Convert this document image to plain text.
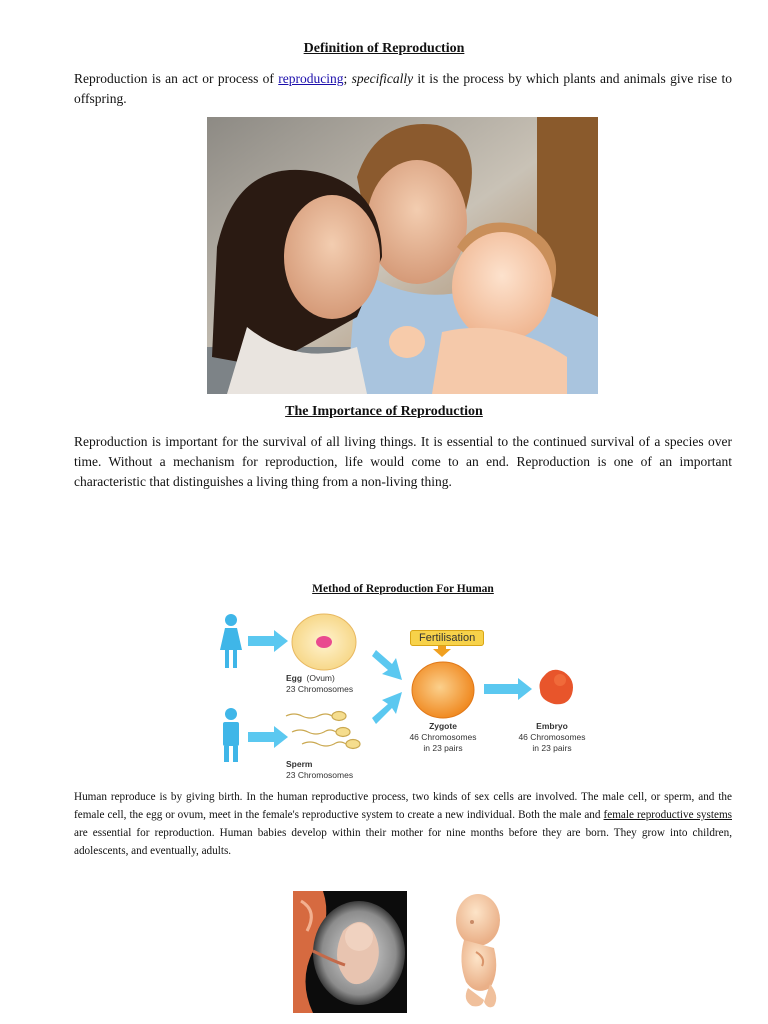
Definition of Reproduction
Reproduction is an act or process of reproducing; specifically it is the process by which plants and animals give rise to offspring.
The Importance of Reproduction
Reproduction is important for the survival of all living things. It is essential to the continued survival of a species over time. Without a mechanism for reproduction, life would come to an end. Reproduction is one of an important characteristic that distinguishes a living thing from a non-living thing.
Method of Reproduction For Human
Fertilisation
Egg (Ovum)
23 Chromosomes
Sperm
23 Chromosomes
Zygote
46 Chromosomes
in 23 pairs
Embryo
46 Chromosomes
in 23 pairs
Human reproduce is by giving birth. In the human reproductive process, two kinds of sex cells are involved. The male cell, or sperm, and the female cell, the egg or ovum, meet in the female's reproductive system to create a new individual. Both the male and female reproductive systems are essential for reproduction. Human babies develop within their mother for nine months before they are born. They grow into children, adolescents, and eventually, adults.
